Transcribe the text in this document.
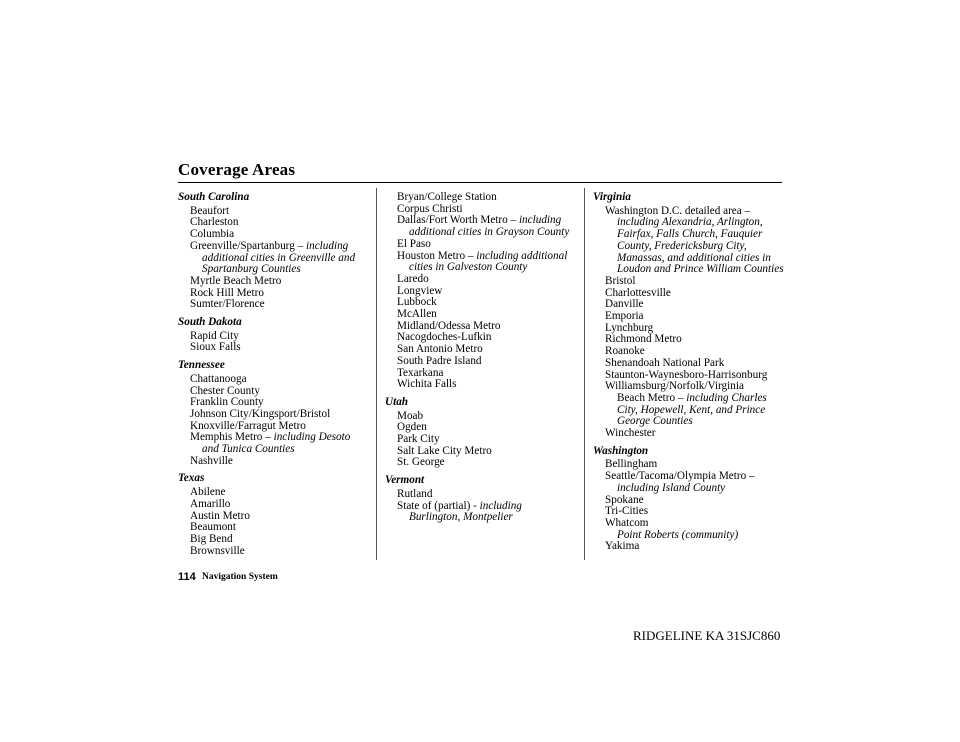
Coverage Areas
South Carolina
Beaufort
Charleston
Columbia
Greenville/Spartanburg – including
additional cities in Greenville and Spartanburg Counties
Myrtle Beach Metro
Rock Hill Metro
Sumter/Florence
South Dakota
Rapid City
Sioux Falls
Tennessee
Chattanooga
Chester County
Franklin County
Johnson City/Kingsport/Bristol
Knoxville/Farragut Metro
Memphis Metro – including Desoto
and Tunica Counties
Nashville
Texas
Abilene
Amarillo
Austin Metro
Beaumont
Big Bend
Brownsville
Bryan/College Station
Corpus Christi
Dallas/Fort Worth Metro – including
additional cities in Grayson County
El Paso
Houston Metro – including additional
cities in Galveston County
Laredo
Longview
Lubbock
McAllen
Midland/Odessa Metro
Nacogdoches-Lufkin
San Antonio Metro
South Padre Island
Texarkana
Wichita Falls
Utah
Moab
Ogden
Park City
Salt Lake City Metro
St. George
Vermont
Rutland
State of (partial) - including
Burlington, Montpelier
Virginia
Washington D.C. detailed area –
including Alexandria, Arlington, Fairfax, Falls Church, Fauquier County, Fredericksburg City, Manassas, and additional cities in Loudon and Prince William Counties
Bristol
Charlottesville
Danville
Emporia
Lynchburg
Richmond Metro
Roanoke
Shenandoah National Park
Staunton-Waynesboro-Harrisonburg
Williamsburg/Norfolk/Virginia
Beach Metro – including Charles
City, Hopewell, Kent, and Prince George Counties
Winchester
Washington
Bellingham
Seattle/Tacoma/Olympia Metro –
including Island County
Spokane
Tri-Cities
Whatcom
Point Roberts (community)
Yakima
114 Navigation System
RIDGELINE KA 31SJC860
